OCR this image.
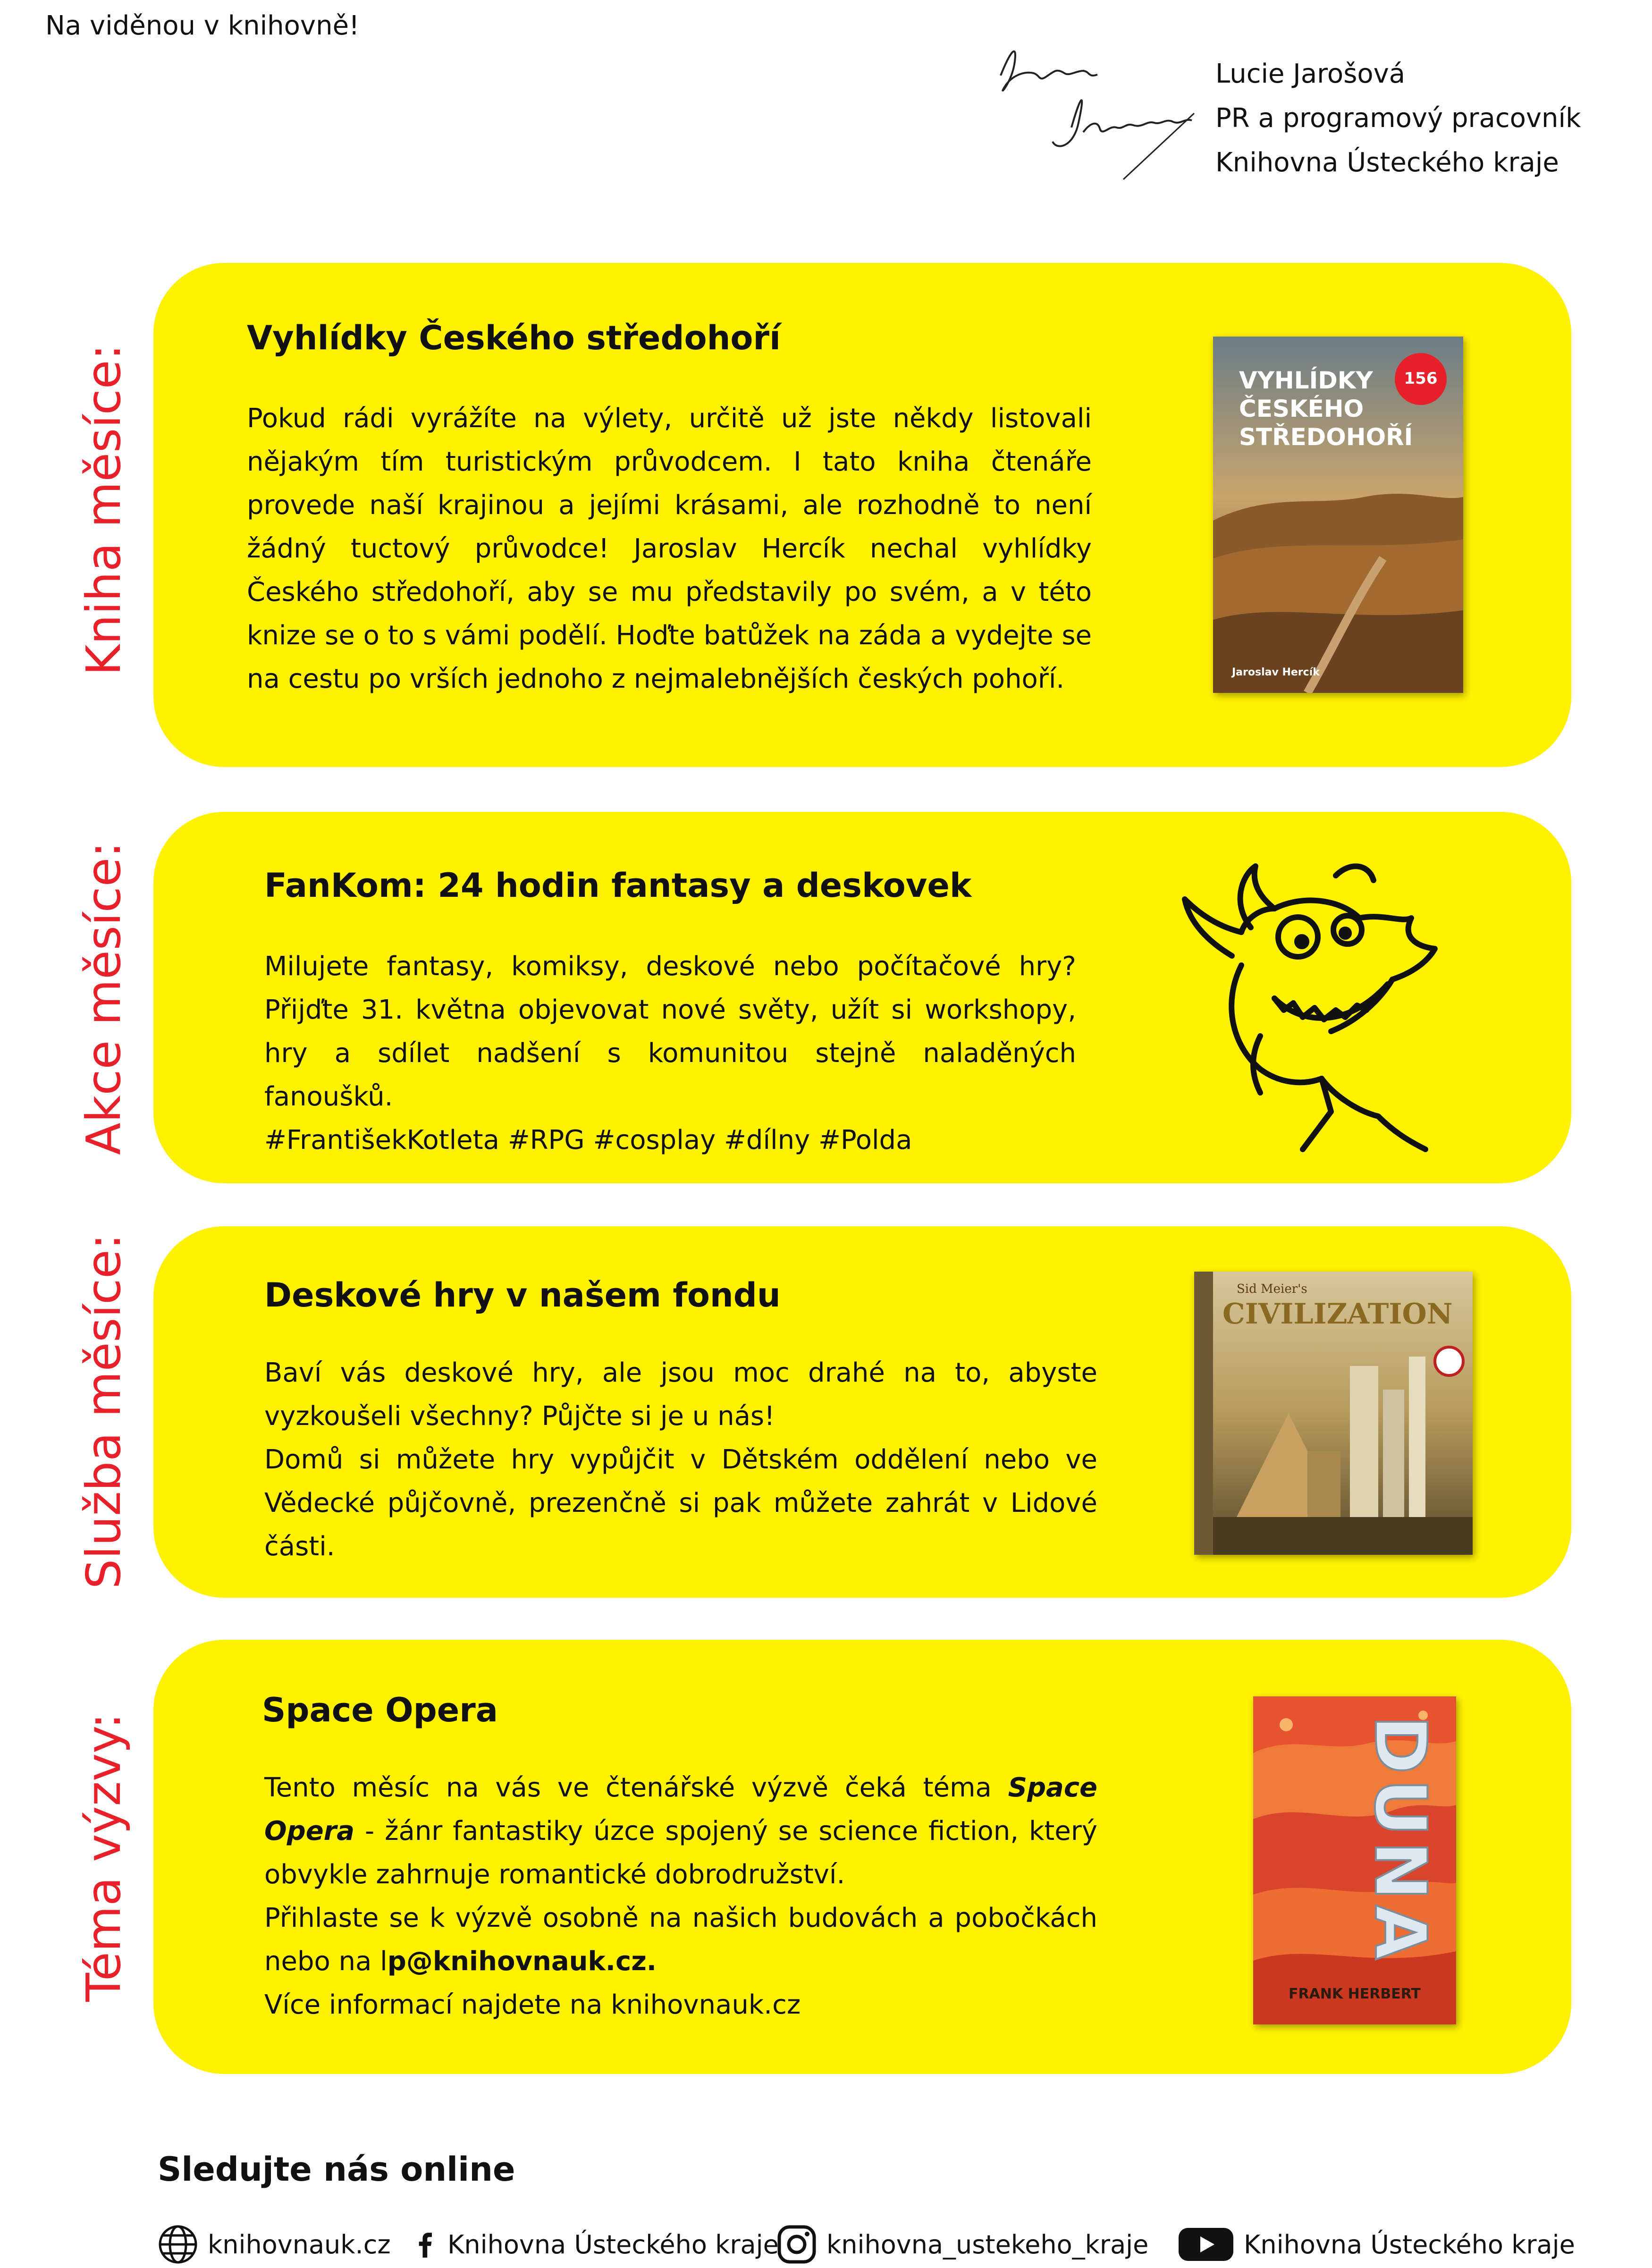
Na viděnou v knihovně!
Lucie Jarošová
PR a programový pracovník
Knihovna Ústeckého kraje
Kniha měsíce:
Vyhlídky Českého středohoří

Pokud rádi vyrážíte na výlety, určitě už jste někdy listovali nějakým tím turistickým průvodcem. I tato kniha čtenáře provede naší krajinou a jejími krásami, ale rozhodně to není žádný tuctový průvodce! Jaroslav Hercík nechal vyhlídky Českého středohoří, aby se mu představily po svém, a v této knize se o to s vámi podělí. Hoďte batůžek na záda a vydejte se na cestu po vrších jednoho z nejmalebnějších českých pohoří.

VYHLÍDKY
ČESKÉHO
STŘEDOHOŘÍ
156
Jaroslav Hercík
Akce měsíce:	FanKom: 24 hodin fantasy a deskovek

Milujete fantasy, komiksy, deskové nebo počítačové hry? Přijďte 31. května objevovat nové světy, užít si workshopy, hry a sdílet nadšení s komunitou stejně naladěných fanoušků.

#FrantišekKotleta #RPG #cosplay #dílny #Polda

Služba měsíce:	Deskové hry v našem fondu

Baví vás deskové hry, ale jsou moc drahé na to, abyste vyzkoušeli všechny? Půjčte si je u nás!

Domů si můžete hry vypůjčit v Dětském oddělení nebo ve Vědecké půjčovně, prezenčně si pak můžete zahrát v Lidové části.

Sid Meier's
CIVILIZATION
Téma výzvy:
Space Opera

Tento měsíc na vás ve čtenářské výzvě čeká téma Space Opera - žánr fantastiky úzce spojený se science fiction, který obvykle zahrnuje romantické dobrodružství.

Přihlaste se k výzvě osobně na našich budovách a pobočkách nebo na lp@knihovnauk.cz.

Více informací najdete na knihovnauk.cz

DUNA
FRANK HERBERT
Sledujte nás online
knihovnauk.cz Knihovna Ústeckého kraje knihovna_ustekeho_kraje	Knihovna Ústeckého kraje
